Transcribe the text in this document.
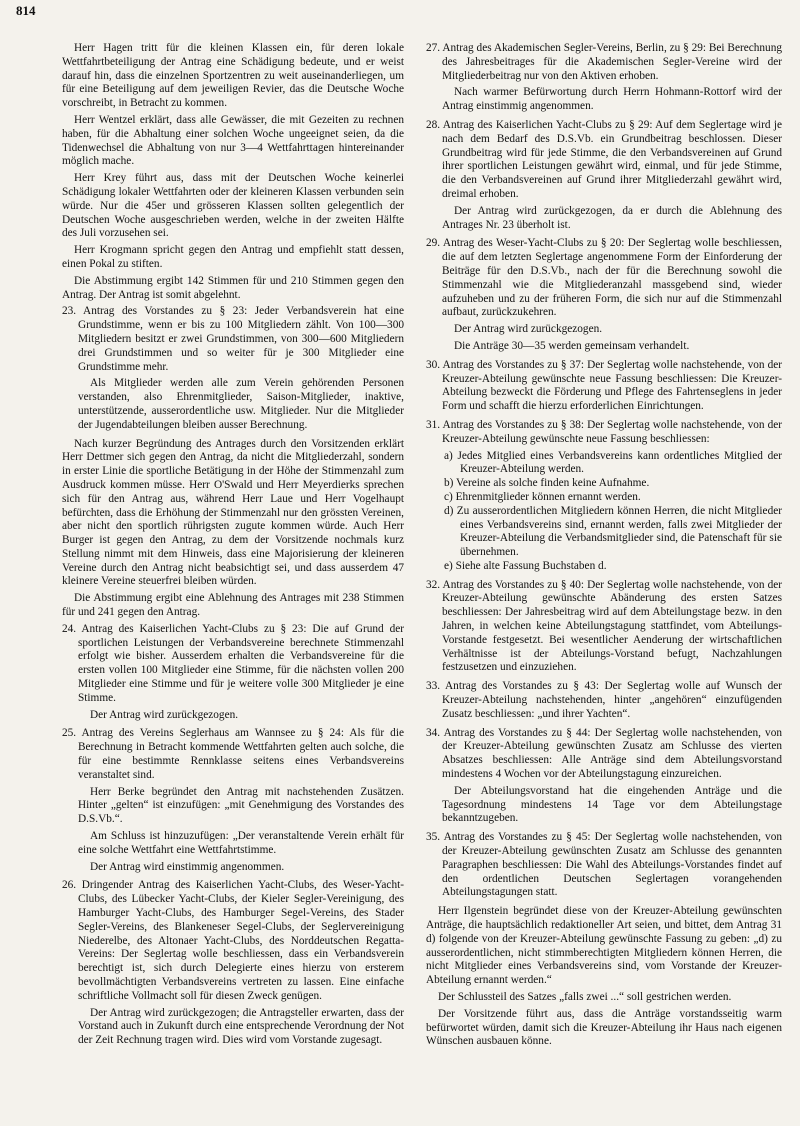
814

Herr Hagen tritt für die kleinen Klassen ein, für deren lokale Wettfahrtbeteiligung der Antrag eine Schädigung bedeute, und er weist darauf hin, dass die einzelnen Sportzentren zu weit auseinanderliegen, um für eine Beteiligung auf dem jeweiligen Revier, das die Deutsche Woche vorschreibt, in Betracht zu kommen.

Herr Wentzel erklärt, dass alle Gewässer, die mit Gezeiten zu rechnen haben, für die Abhaltung einer solchen Woche ungeeignet seien, da die Tidenwechsel die Abhaltung von nur 3—4 Wettfahrttagen hintereinander möglich mache.

Herr Krey führt aus, dass mit der Deutschen Woche keinerlei Schädigung lokaler Wettfahrten oder der kleineren Klassen verbunden sein würde. Nur die 45er und grösseren Klassen sollten gelegentlich der Deutschen Woche ausgeschrieben werden, welche in der zweiten Hälfte des Juli vorzusehen sei.

Herr Krogmann spricht gegen den Antrag und empfiehlt statt dessen, einen Pokal zu stiften.

Die Abstimmung ergibt 142 Stimmen für und 210 Stimmen gegen den Antrag. Der Antrag ist somit abgelehnt.

23. Antrag des Vorstandes zu § 23: Jeder Verbandsverein hat eine Grundstimme, wenn er bis zu 100 Mitgliedern zählt. Von 100—300 Mitgliedern besitzt er zwei Grundstimmen, von 300—600 Mitgliedern drei Grundstimmen und so weiter für je 300 Mitglieder eine Grundstimme mehr.

Als Mitglieder werden alle zum Verein gehörenden Personen verstanden, also Ehrenmitglieder, Saison-Mitglieder, inaktive, unterstützende, ausserordentliche usw. Mitglieder. Nur die Mitglieder der Jugendabteilungen bleiben ausser Berechnung.

Nach kurzer Begründung des Antrages durch den Vorsitzenden erklärt Herr Dettmer sich gegen den Antrag, da nicht die Mitgliederzahl, sondern in erster Linie die sportliche Betätigung in der Höhe der Stimmenzahl zum Ausdruck kommen müsse. Herr O'Swald und Herr Meyerdierks sprechen sich für den Antrag aus, während Herr Laue und Herr Vogelhaupt befürchten, dass die Erhöhung der Stimmenzahl nur den grössten Vereinen, aber nicht den sportlich rührigsten zugute kommen würde. Auch Herr Burger ist gegen den Antrag, zu dem der Vorsitzende nochmals kurz Stellung nimmt mit dem Hinweis, dass eine Majorisierung der kleineren Vereine durch den Antrag nicht beabsichtigt sei, und dass ausserdem 47 kleinere Vereine steuerfrei bleiben würden.

Die Abstimmung ergibt eine Ablehnung des Antrages mit 238 Stimmen für und 241 gegen den Antrag.

24. Antrag des Kaiserlichen Yacht-Clubs zu § 23: Die auf Grund der sportlichen Leistungen der Verbandsvereine berechnete Stimmenzahl erfolgt wie bisher. Ausserdem erhalten die Verbandsvereine für die ersten vollen 100 Mitglieder eine Stimme, für die nächsten vollen 200 Mitglieder eine Stimme und für je weitere volle 300 Mitglieder je eine Stimme.

Der Antrag wird zurückgezogen.

25. Antrag des Vereins Seglerhaus am Wannsee zu § 24: Als für die Berechnung in Betracht kommende Wettfahrten gelten auch solche, die für eine bestimmte Rennklasse seitens eines Verbandsvereins veranstaltet sind.

Herr Berke begründet den Antrag mit nachstehenden Zusätzen. Hinter „gelten“ ist einzufügen: „mit Genehmigung des Vorstandes des D.S.Vb.“.

Am Schluss ist hinzuzufügen: „Der veranstaltende Verein erhält für eine solche Wettfahrt eine Wettfahrtstimme.

Der Antrag wird einstimmig angenommen.

26. Dringender Antrag des Kaiserlichen Yacht-Clubs, des Weser-Yacht-Clubs, des Lübecker Yacht-Clubs, der Kieler Segler-Vereinigung, des Hamburger Yacht-Clubs, des Hamburger Segel-Vereins, des Stader Segler-Vereins, des Blankeneser Segel-Clubs, der Seglervereinigung Niederelbe, des Altonaer Yacht-Clubs, des Norddeutschen Regatta-Vereins: Der Seglertag wolle beschliessen, dass ein Verbandsverein berechtigt ist, sich durch Delegierte eines hierzu von ersterem bevollmächtigten Verbandsvereins vertreten zu lassen. Eine einfache schriftliche Vollmacht soll für diesen Zweck genügen.

Der Antrag wird zurückgezogen; die Antragsteller erwarten, dass der Vorstand auch in Zukunft durch eine entsprechende Verordnung der Not der Zeit Rechnung tragen wird. Dies wird vom Vorstande zugesagt.

27. Antrag des Akademischen Segler-Vereins, Berlin, zu § 29: Bei Berechnung des Jahresbeitrages für die Akademischen Segler-Vereine wird der Mitgliederbeitrag nur von den Aktiven erhoben.

Nach warmer Befürwortung durch Herrn Hohmann-Rottorf wird der Antrag einstimmig angenommen.

28. Antrag des Kaiserlichen Yacht-Clubs zu § 29: Auf dem Seglertage wird je nach dem Bedarf des D.S.Vb. ein Grundbeitrag beschlossen. Dieser Grundbeitrag wird für jede Stimme, die den Verbandsvereinen auf Grund ihrer sportlichen Leistungen gewährt wird, einmal, und für jede Stimme, die den Verbandsvereinen auf Grund ihrer Mitgliederzahl gewährt wird, dreimal erhoben.

Der Antrag wird zurückgezogen, da er durch die Ablehnung des Antrages Nr. 23 überholt ist.

29. Antrag des Weser-Yacht-Clubs zu § 20: Der Seglertag wolle beschliessen, die auf dem letzten Seglertage angenommene Form der Einforderung der Beiträge für den D.S.Vb., nach der für die Berechnung sowohl die Stimmenzahl wie die Mitgliederanzahl massgebend sind, wieder aufzuheben und zu der früheren Form, die sich nur auf die Stimmenzahl aufbaut, zurückzukehren.

Der Antrag wird zurückgezogen.

Die Anträge 30—35 werden gemeinsam verhandelt.

30. Antrag des Vorstandes zu § 37: Der Seglertag wolle nachstehende, von der Kreuzer-Abteilung gewünschte neue Fassung beschliessen: Die Kreuzer-Abteilung bezweckt die Förderung und Pflege des Fahrtenseglens in jeder Form und schafft die hierzu erforderlichen Einrichtungen.

31. Antrag des Vorstandes zu § 38: Der Seglertag wolle nachstehende, von der Kreuzer-Abteilung gewünschte neue Fassung beschliessen:

a) Jedes Mitglied eines Verbandsvereins kann ordentliches Mitglied der Kreuzer-Abteilung werden.
b) Vereine als solche finden keine Aufnahme.
c) Ehrenmitglieder können ernannt werden.
d) Zu ausserordentlichen Mitgliedern können Herren, die nicht Mitglieder eines Verbandsvereins sind, ernannt werden, falls zwei Mitglieder der Kreuzer-Abteilung die Verbandsmitglieder sind, die Patenschaft für sie übernehmen.
e) Siehe alte Fassung Buchstaben d.

32. Antrag des Vorstandes zu § 40: Der Seglertag wolle nachstehende, von der Kreuzer-Abteilung gewünschte Abänderung des ersten Satzes beschliessen: Der Jahresbeitrag wird auf dem Abteilungstage bezw. in den Jahren, in welchen keine Abteilungstagung stattfindet, vom Abteilungs-Vorstande festgesetzt. Bei wesentlicher Aenderung der wirtschaftlichen Verhältnisse ist der Abteilungs-Vorstand befugt, Nachzahlungen festzusetzen und einzuziehen.

33. Antrag des Vorstandes zu § 43: Der Seglertag wolle auf Wunsch der Kreuzer-Abteilung nachstehenden, hinter „angehören“ einzufügenden Zusatz beschliessen: „und ihrer Yachten“.

34. Antrag des Vorstandes zu § 44: Der Seglertag wolle nachstehenden, von der Kreuzer-Abteilung gewünschten Zusatz am Schlusse des vierten Absatzes beschliessen: Alle Anträge sind dem Abteilungsvorstand mindestens 4 Wochen vor der Abteilungstagung einzureichen.

Der Abteilungsvorstand hat die eingehenden Anträge und die Tagesordnung mindestens 14 Tage vor dem Abteilungstage bekanntzugeben.

35. Antrag des Vorstandes zu § 45: Der Seglertag wolle nachstehenden, von der Kreuzer-Abteilung gewünschten Zusatz am Schlusse des genannten Paragraphen beschliessen: Die Wahl des Abteilungs-Vorstandes findet auf den ordentlichen Deutschen Seglertagen vorangehenden Abteilungstagungen statt.

Herr Ilgenstein begründet diese von der Kreuzer-Abteilung gewünschten Anträge, die hauptsächlich redaktioneller Art seien, und bittet, dem Antrag 31 d) folgende von der Kreuzer-Abteilung gewünschte Fassung zu geben: „d) zu ausserordentlichen, nicht stimmberechtigten Mitgliedern können Herren, die nicht Mitglieder eines Verbandsvereins sind, vom Vorstande der Kreuzer-Abteilung ernannt werden.“

Der Schlussteil des Satzes „falls zwei ...“ soll gestrichen werden.

Der Vorsitzende führt aus, dass die Anträge vorstandsseitig warm befürwortet würden, damit sich die Kreuzer-Abteilung ihr Haus nach eigenen Wünschen ausbauen könne.
